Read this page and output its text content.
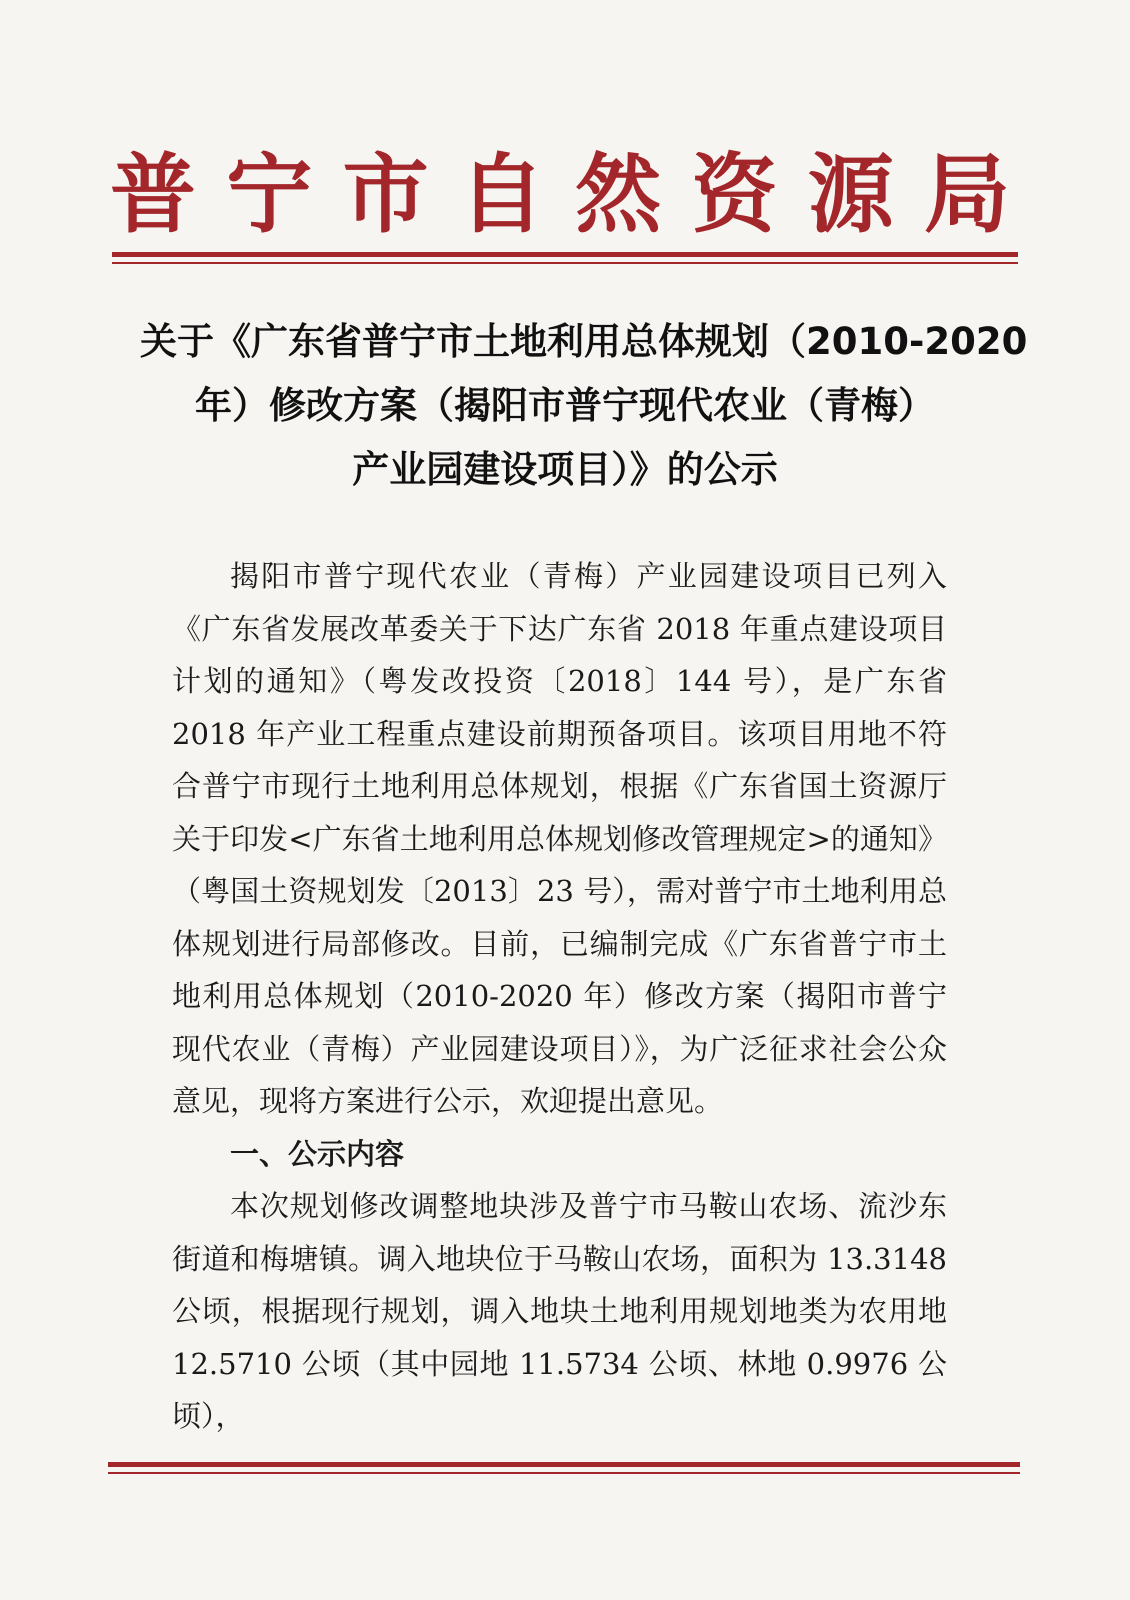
普 宁 市 自 然 资 源 局
关于《广东省普宁市土地利用总体规划（2010-2020
年）修改方案（揭阳市普宁现代农业（青梅）
产业园建设项目）》的公示

揭阳市普宁现代农业（青梅）产业园建设项目已列入《广东省发展改革委关于下达广东省 2018 年重点建设项目计划的通知》（粤发改投资〔2018〕144 号），是广东省 2018 年产业工程重点建设前期预备项目。该项目用地不符合普宁市现行土地利用总体规划，根据《广东省国土资源厅关于印发<广东省土地利用总体规划修改管理规定>的通知》（粤国土资规划发〔2013〕23 号），需对普宁市土地利用总体规划进行局部修改。目前，已编制完成《广东省普宁市土地利用总体规划（2010-2020 年）修改方案（揭阳市普宁现代农业（青梅）产业园建设项目）》，为广泛征求社会公众意见，现将方案进行公示，欢迎提出意见。

一、公示内容

本次规划修改调整地块涉及普宁市马鞍山农场、流沙东街道和梅塘镇。调入地块位于马鞍山农场，面积为 13.3148 公顷，根据现行规划，调入地块土地利用规划地类为农用地 12.5710 公顷（其中园地 11.5734 公顷、林地 0.9976 公顷），
